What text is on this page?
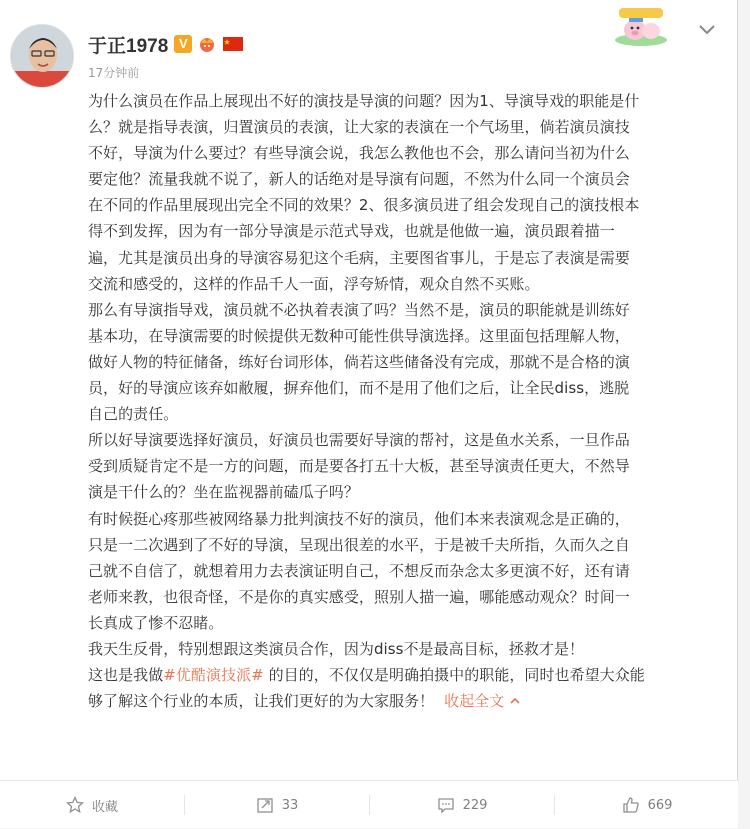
于正1978 V
17分钟前
为什么演员在作品上展现出不好的演技是导演的问题？因为1、导演导戏的职能是什
么？就是指导表演，归置演员的表演，让大家的表演在一个气场里，倘若演员演技
不好，导演为什么要过？有些导演会说，我怎么教他也不会，那么请问当初为什么
要定他？流量我就不说了，新人的话绝对是导演有问题，不然为什么同一个演员会
在不同的作品里展现出完全不同的效果？2、很多演员进了组会发现自己的演技根本
得不到发挥，因为有一部分导演是示范式导戏，也就是他做一遍，演员跟着描一
遍，尤其是演员出身的导演容易犯这个毛病，主要图省事儿，于是忘了表演是需要
交流和感受的，这样的作品千人一面，浮夸矫情，观众自然不买账。
那么有导演指导戏，演员就不必执着表演了吗？当然不是，演员的职能就是训练好
基本功，在导演需要的时候提供无数种可能性供导演选择。这里面包括理解人物，
做好人物的特征储备，练好台词形体，倘若这些储备没有完成，那就不是合格的演
员，好的导演应该弃如敝履，摒弃他们，而不是用了他们之后，让全民diss，逃脱
自己的责任。
所以好导演要选择好演员，好演员也需要好导演的帮衬，这是鱼水关系，一旦作品
受到质疑肯定不是一方的问题，而是要各打五十大板，甚至导演责任更大，不然导
演是干什么的？坐在监视器前磕瓜子吗？
有时候挺心疼那些被网络暴力批判演技不好的演员，他们本来表演观念是正确的，
只是一二次遇到了不好的导演，呈现出很差的水平，于是被千夫所指，久而久之自
己就不自信了，就想着用力去表演证明自己，不想反而杂念太多更演不好，还有请
老师来教，也很奇怪，不是你的真实感受，照别人描一遍，哪能感动观众？时间一
长真成了惨不忍睹。
我天生反骨，特别想跟这类演员合作，因为diss不是最高目标，拯救才是！
这也是我做#优酷演技派# 的目的，不仅仅是明确拍摄中的职能，同时也希望大众能
够了解这个行业的本质，让我们更好的为大家服务！ 收起全文
收藏	33	229	669
